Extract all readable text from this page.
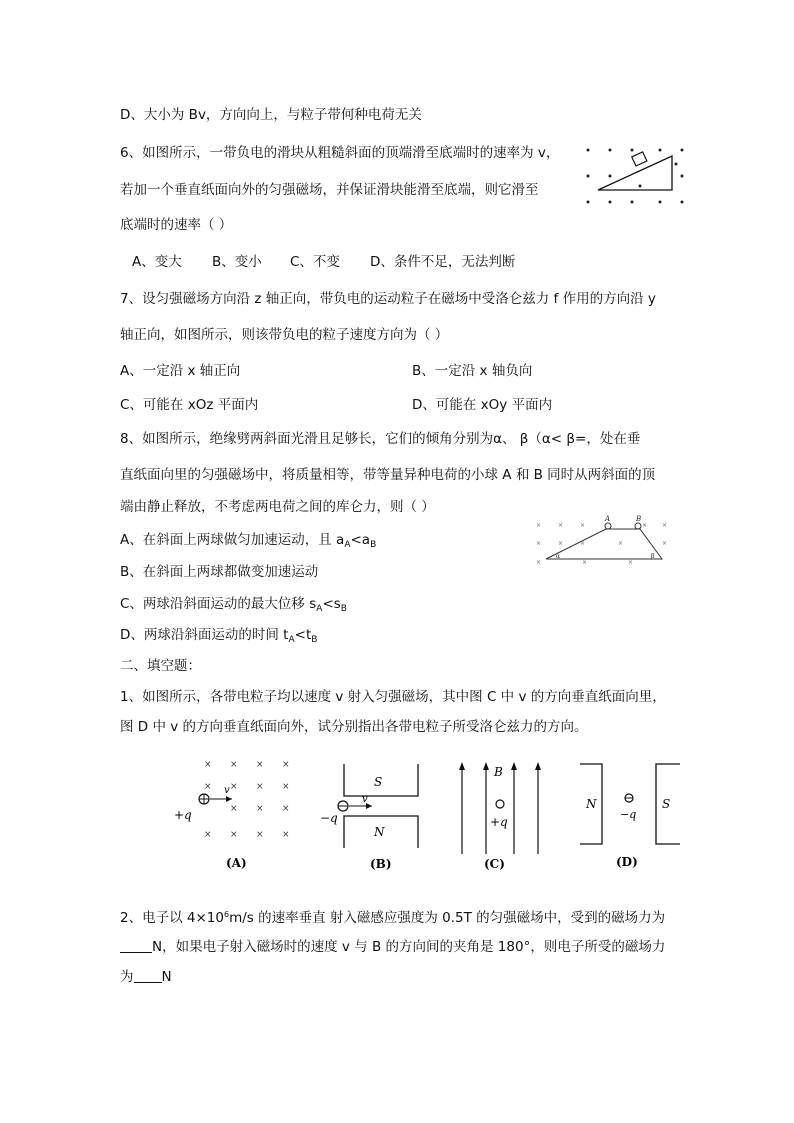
D、大小为 Bv，方向向上，与粒子带何种电荷无关
6、如图所示，一带负电的滑块从粗糙斜面的顶端滑至底端时的速率为 v，
若加一个垂直纸面向外的匀强磁场，并保证滑块能滑至底端，则它滑至
底端时的速率（ ）
A、变大 B、变小 C、不变 D、条件不足，无法判断
7、设匀强磁场方向沿 z 轴正向，带负电的运动粒子在磁场中受洛仑兹力 f 作用的方向沿 y
轴正向，如图所示，则该带负电的粒子速度方向为（ ）
A、一定沿 x 轴正向	B、一定沿 x 轴负向
C、可能在 xOz 平面内	D、可能在 xOy 平面内
8、如图所示，绝缘劈两斜面光滑且足够长，它们的倾角分别为α、 β（α< β=，处在垂
直纸面向里的匀强磁场中，将质量相等，带等量异种电荷的小球 A 和 B 同时从两斜面的顶
端由静止释放，不考虑两电荷之间的库仑力，则（ ）
A、在斜面上两球做匀加速运动，且 $a_A<a_B$
B、在斜面上两球都做变加速运动
C、两球沿斜面运动的最大位移 $s_A<s_B$
D、两球沿斜面运动的时间 $t_A<t_B$
×	×	×	× ×
×	×	×	×	×
×	×	×
A	B
α	β
二、填空题：
1、如图所示，各带电粒子均以速度 v 射入匀强磁场，其中图 C 中 v 的方向垂直纸面向里，
图 D 中 v 的方向垂直纸面向外，试分别指出各带电粒子所受洛仑兹力的方向。
× × × ×
× × × ×
× × ×
× × × ×
v
+q
(A)
S
N
v
−q
(B)
B
+q
(C)
N	S
−q
(D)
2、电子以 $4\times 10^6m/s$ 的速率垂直 射入磁感应强度为 0.5T 的匀强磁场中，受到的磁场力为
N，如果电子射入磁场时的速度 v 与 B 的方向间的夹角是 180°，则电子所受的磁场力
为 N
